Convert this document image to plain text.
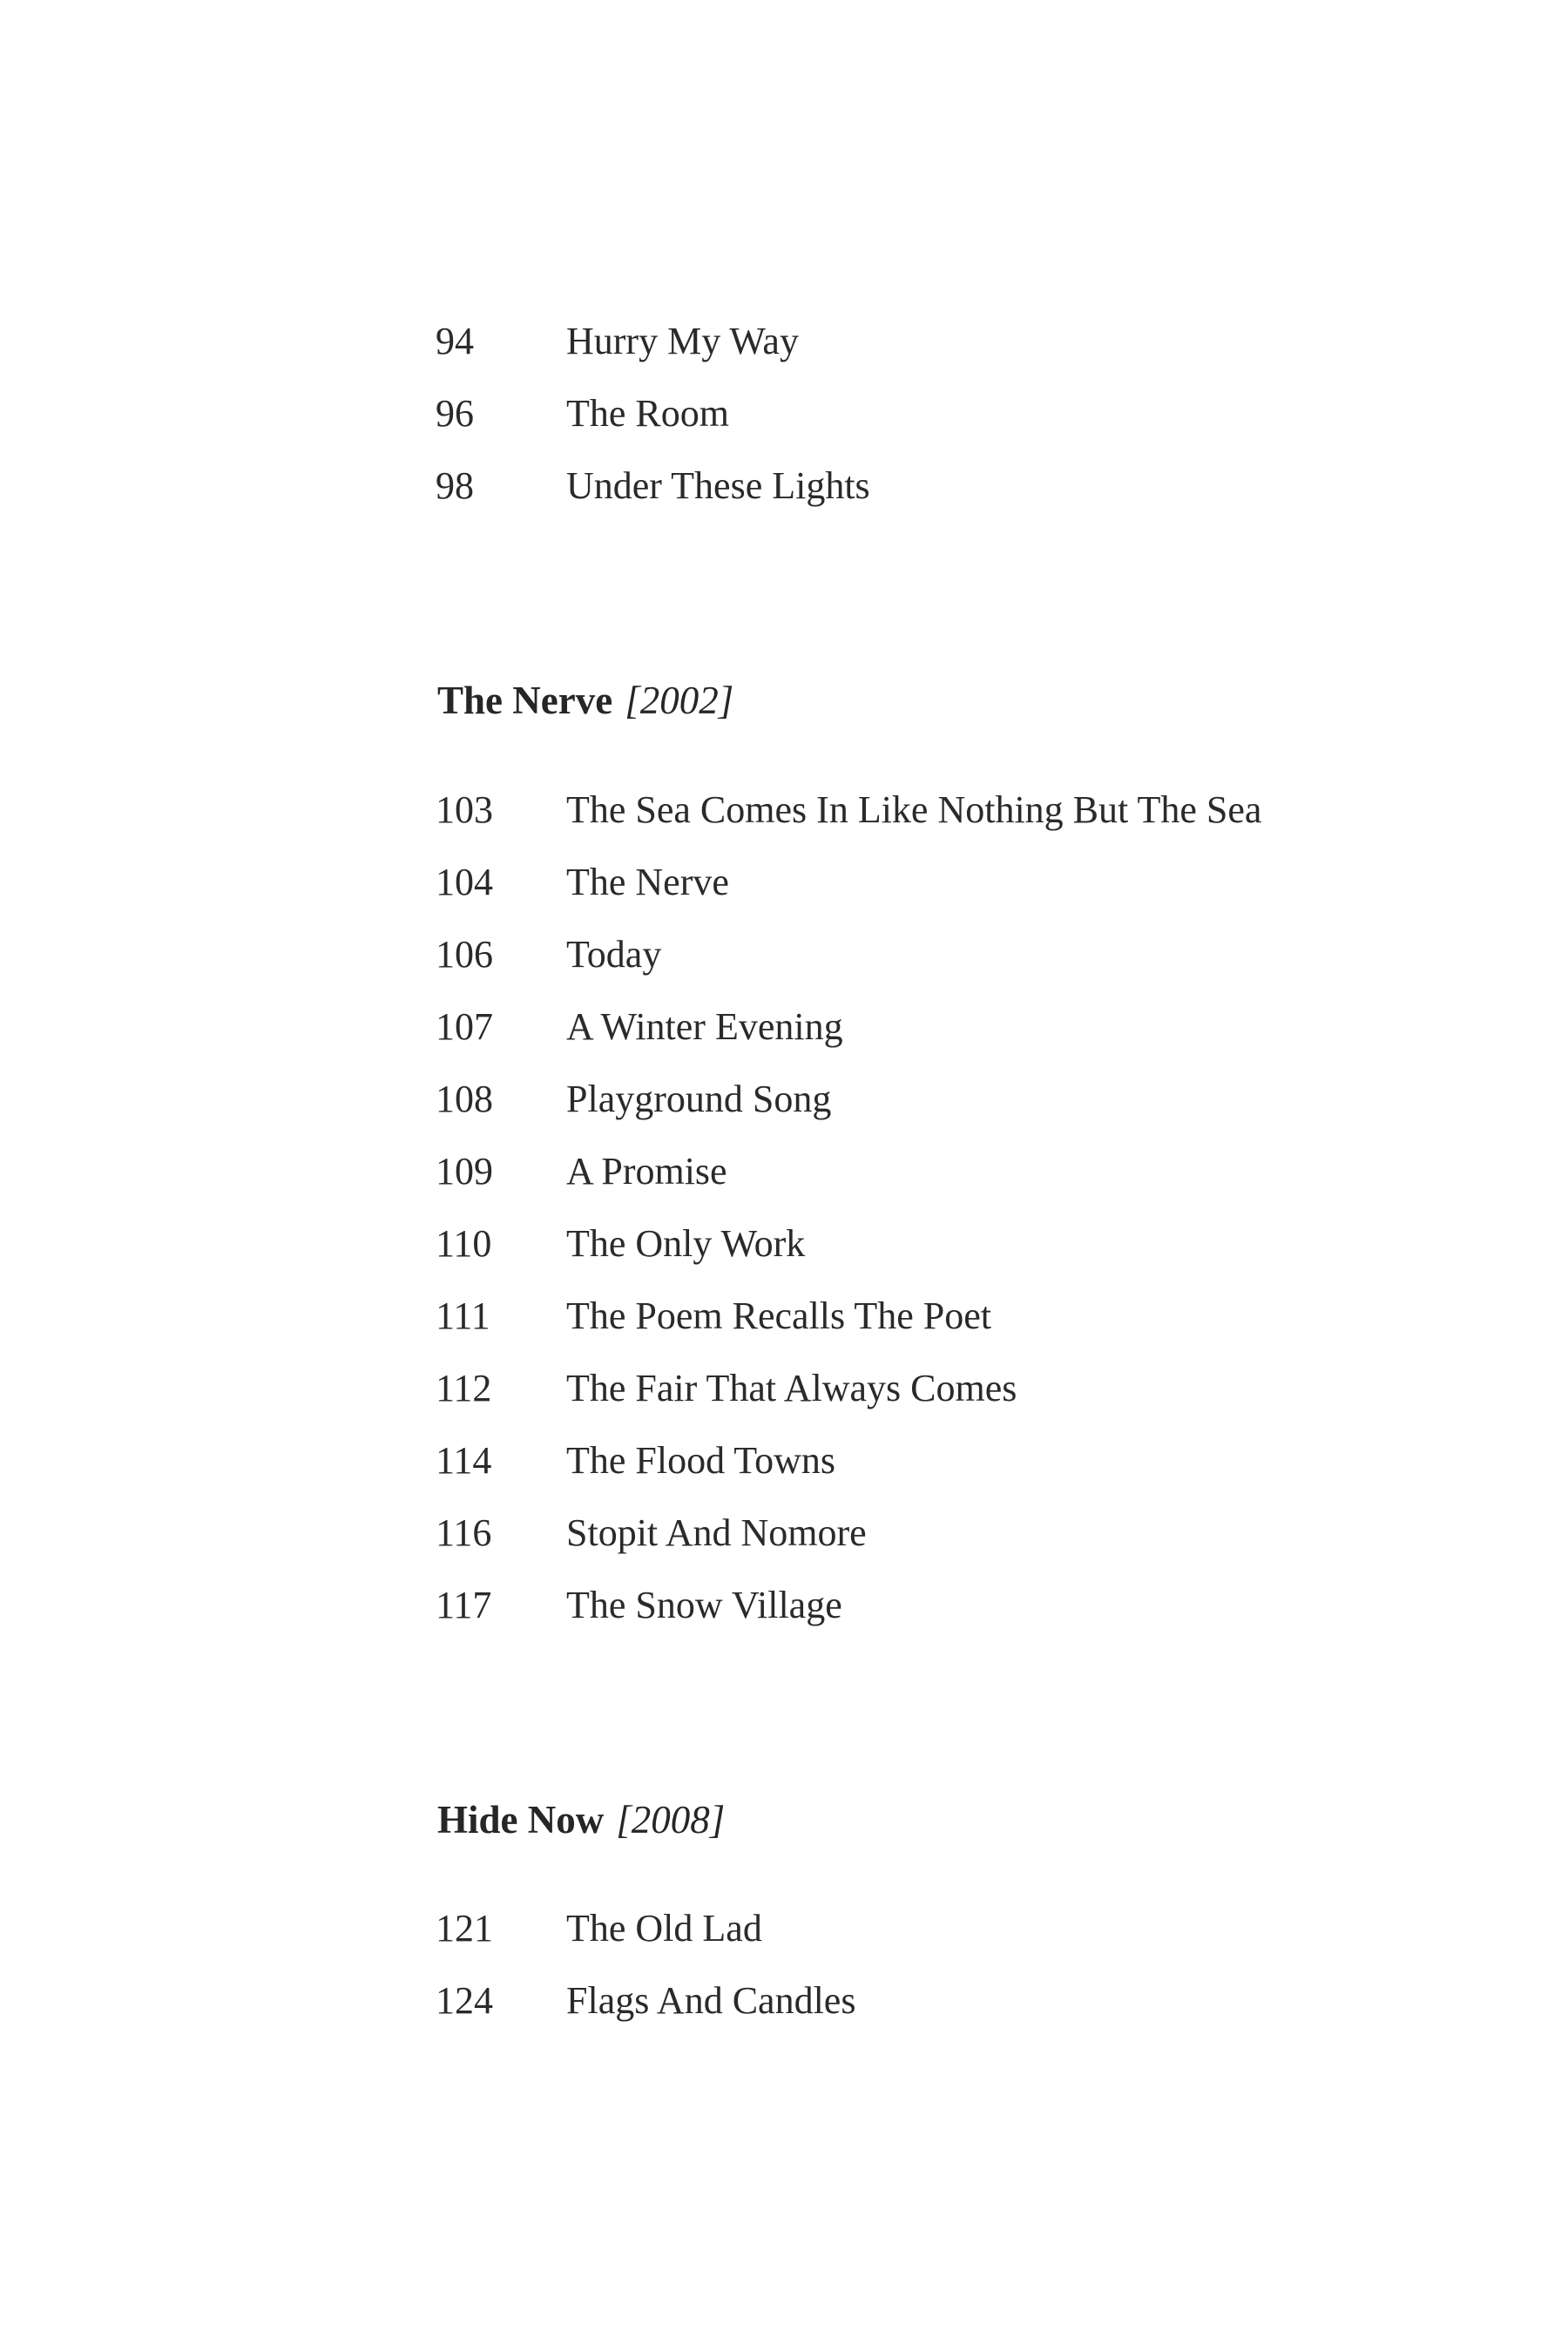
94	Hurry My Way
96	The Room
98	Under These Lights
The Nerve [2002]
103	The Sea Comes In Like Nothing But The Sea
104	The Nerve
106	Today
107	A Winter Evening
108	Playground Song
109	A Promise
110	The Only Work
111	The Poem Recalls The Poet
112	The Fair That Always Comes
114	The Flood Towns
116	Stopit And Nomore
117	The Snow Village
Hide Now [2008]
121	The Old Lad
124	Flags And Candles
